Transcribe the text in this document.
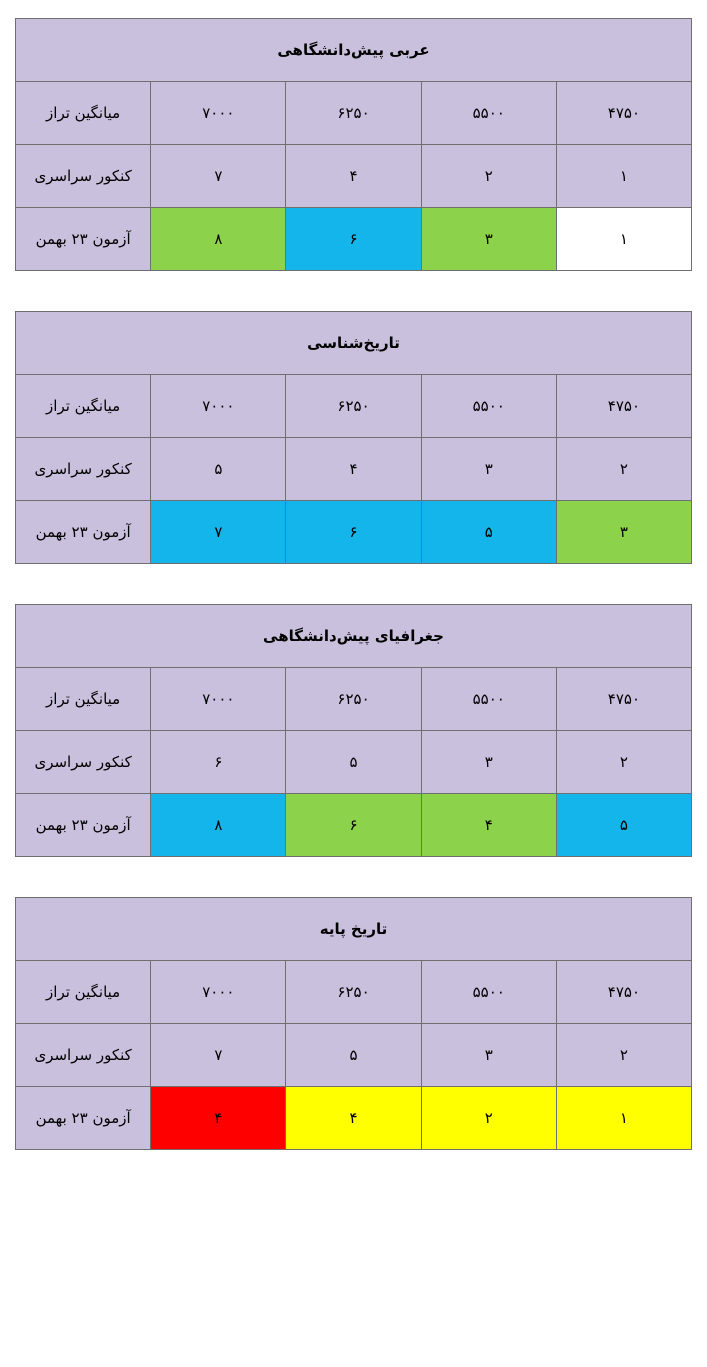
عربی پیش‌دانشگاهی				
۴۷۵۰	۵۵۰۰	۶۲۵۰	۷۰۰۰	میانگین تراز
۱	۲	۴	۷	کنکور سراسری
۱	۳	۶	۸	آزمون ۲۳ بهمن
تاریخ‌شناسی				
۴۷۵۰	۵۵۰۰	۶۲۵۰	۷۰۰۰	میانگین تراز
۲	۳	۴	۵	کنکور سراسری
۳	۵	۶	۷	آزمون ۲۳ بهمن
جغرافیای پیش‌دانشگاهی				
۴۷۵۰	۵۵۰۰	۶۲۵۰	۷۰۰۰	میانگین تراز
۲	۳	۵	۶	کنکور سراسری
۵	۴	۶	۸	آزمون ۲۳ بهمن
تاریخ پایه				
۴۷۵۰	۵۵۰۰	۶۲۵۰	۷۰۰۰	میانگین تراز
۲	۳	۵	۷	کنکور سراسری
۱	۲	۴	۴	آزمون ۲۳ بهمن
